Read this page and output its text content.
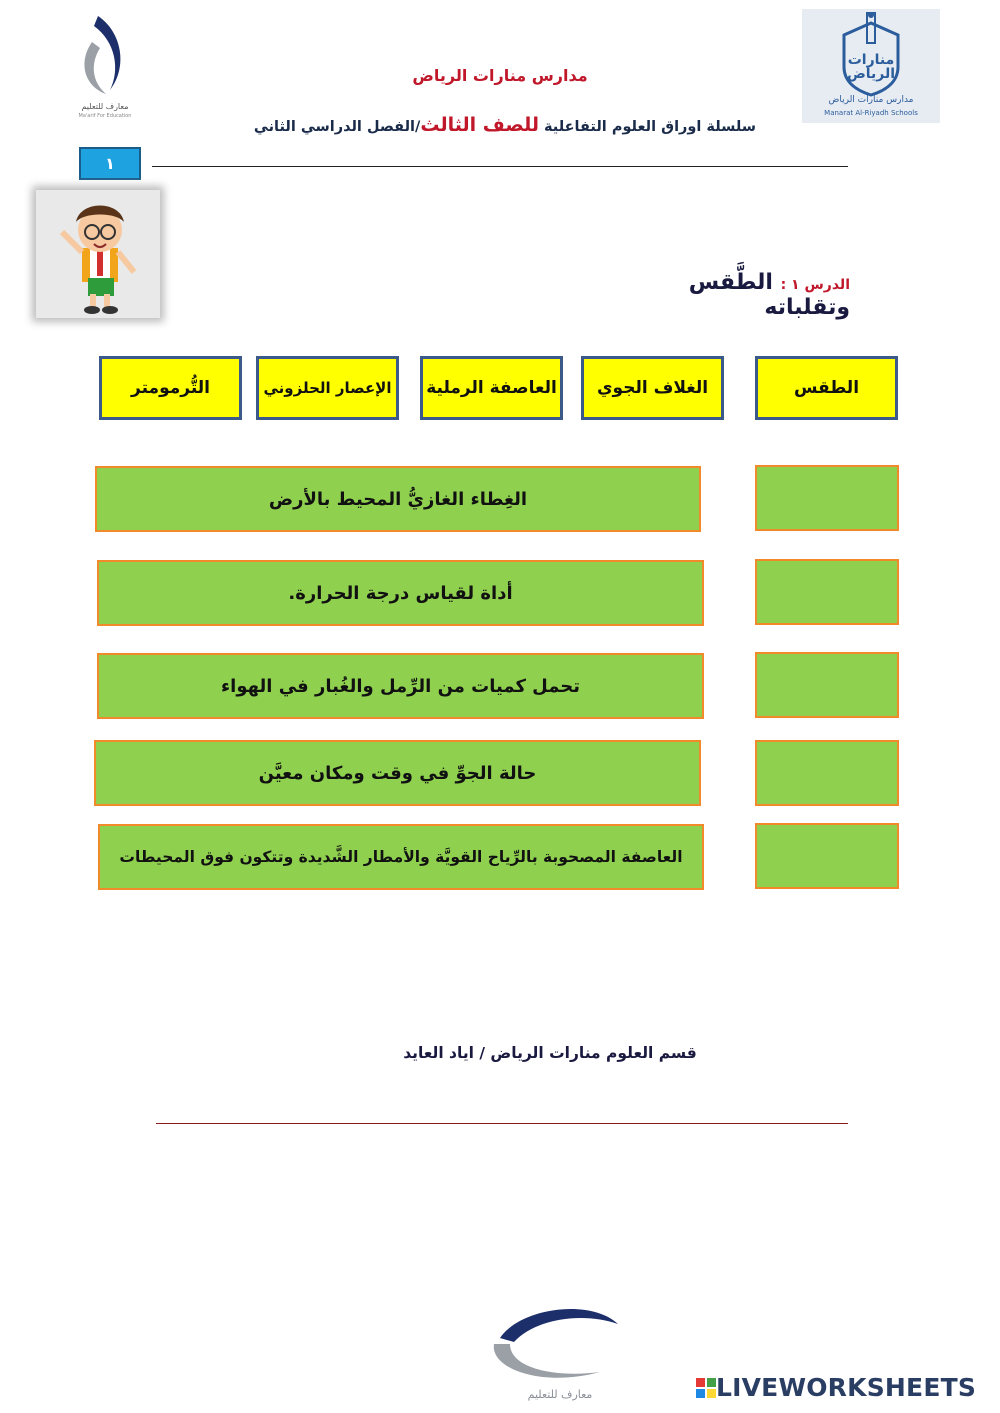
معارف للتعليم
Ma'arif For Education
منارات الرياض
مدارس منارات الرياض
Manarat Al-Riyadh Schools
مدارس منارات الرياض
سلسلة اوراق العلوم التفاعلية للصف الثالث/الفصل الدراسي الثاني
١
الدرس ١ : الطَّقس وتقلباته
الطقس
الغلاف الجوي
العاصفة الرملية
الإعصار الحلزوني
التُّرمومتر
الغِطاء الغازيُّ المحيط بالأرض
أداة لقياس درجة الحرارة.
تحمل كميات من الرِّمل والغُبار في الهواء
حالة الجوِّ في وقت ومكان معيَّن
العاصفة المصحوبة بالرِّياح القويَّة والأمطار الشَّديدة وتتكون فوق المحيطات
قسم العلوم منارات الرياض / اياد العايد
معارف للتعليم	LIVEWORKSHEETS
